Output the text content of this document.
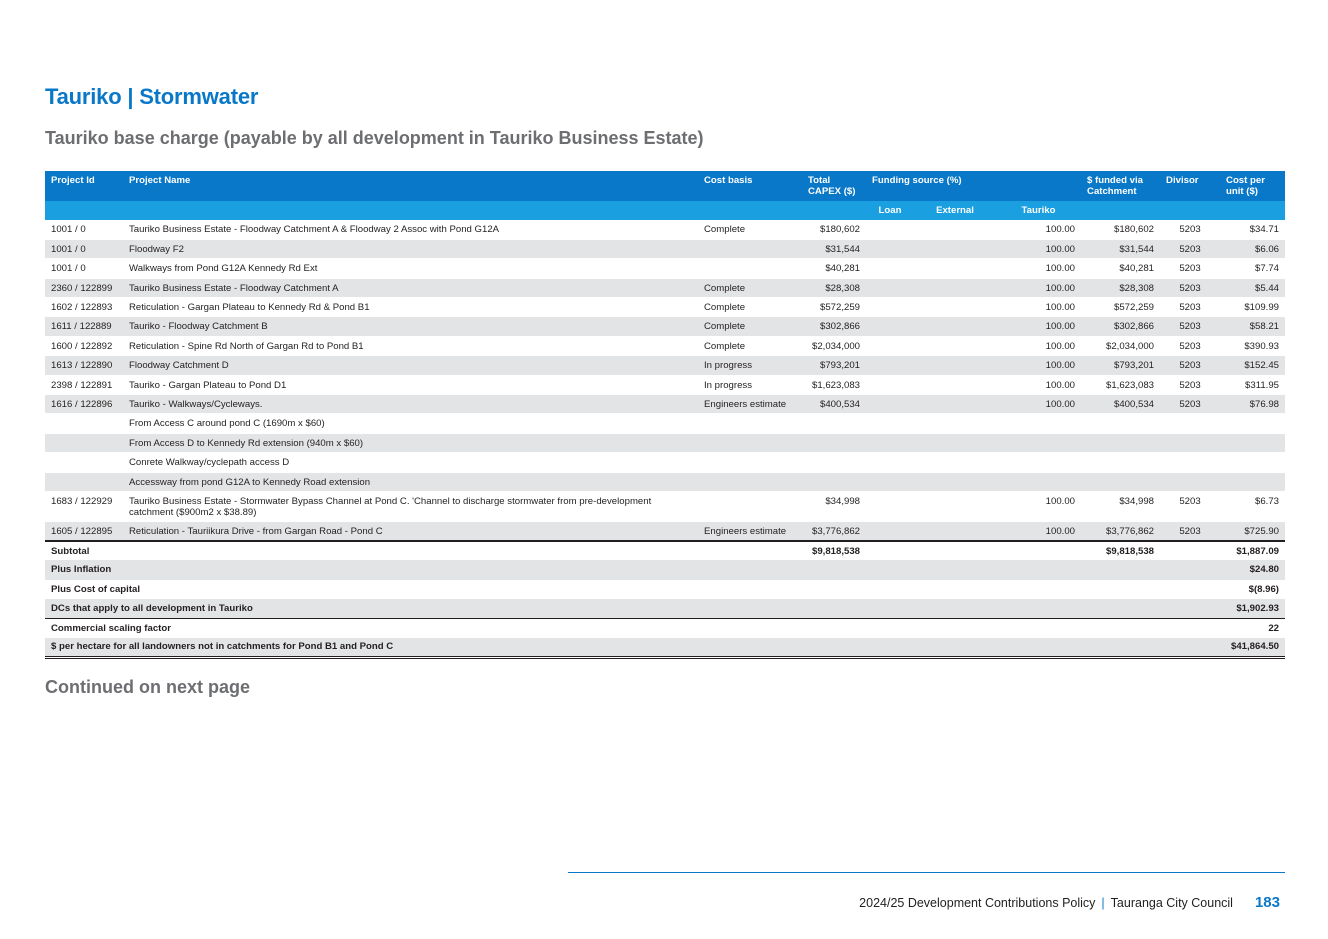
Tauriko | Stormwater
Tauriko base charge (payable by all development in Tauriko Business Estate)
Project Id	Project Name	Cost basis	Total CAPEX ($)	Funding source (%)			$ funded via Catchment	Divisor	Cost per unit ($)
				Loan	External	Tauriko			
1001 / 0	Tauriko Business Estate - Floodway Catchment A & Floodway 2 Assoc with Pond G12A	Complete	$180,602			100.00	$180,602	5203	$34.71
1001 / 0	Floodway F2		$31,544			100.00	$31,544	5203	$6.06
1001 / 0	Walkways from Pond G12A Kennedy Rd Ext		$40,281			100.00	$40,281	5203	$7.74
2360 / 122899	Tauriko Business Estate - Floodway Catchment A	Complete	$28,308			100.00	$28,308	5203	$5.44
1602 / 122893	Reticulation - Gargan Plateau to Kennedy Rd & Pond B1	Complete	$572,259			100.00	$572,259	5203	$109.99
1611 / 122889	Tauriko - Floodway Catchment B	Complete	$302,866			100.00	$302,866	5203	$58.21
1600 / 122892	Reticulation - Spine Rd North of Gargan Rd to Pond B1	Complete	$2,034,000			100.00	$2,034,000	5203	$390.93
1613 / 122890	Floodway Catchment D	In progress	$793,201			100.00	$793,201	5203	$152.45
2398 / 122891	Tauriko - Gargan Plateau to Pond D1	In progress	$1,623,083			100.00	$1,623,083	5203	$311.95
1616 / 122896	Tauriko - Walkways/Cycleways.	Engineers estimate	$400,534			100.00	$400,534	5203	$76.98
	From Access C around pond C (1690m x $60)								
	From Access D to Kennedy Rd extension (940m x $60)								
	Conrete Walkway/cyclepath access D								
	Accessway from pond G12A to Kennedy Road extension								
1683 / 122929	Tauriko Business Estate - Stormwater Bypass Channel at Pond C. 'Channel to discharge stormwater from pre-development catchment ($900m2 x $38.89)		$34,998			100.00	$34,998	5203	$6.73
1605 / 122895	Reticulation - Tauriikura Drive - from Gargan Road - Pond C	Engineers estimate	$3,776,862			100.00	$3,776,862	5203	$725.90
Subtotal			$9,818,538				$9,818,538		$1,887.09
Plus Inflation									$24.80
Plus Cost of capital									$(8.96)
DCs that apply to all development in Tauriko									$1,902.93
Commercial scaling factor									22
$ per hectare for all landowners not in catchments for Pond B1 and Pond C									$41,864.50
Continued on next page
2024/25 Development Contributions Policy | Tauranga City Council 183
